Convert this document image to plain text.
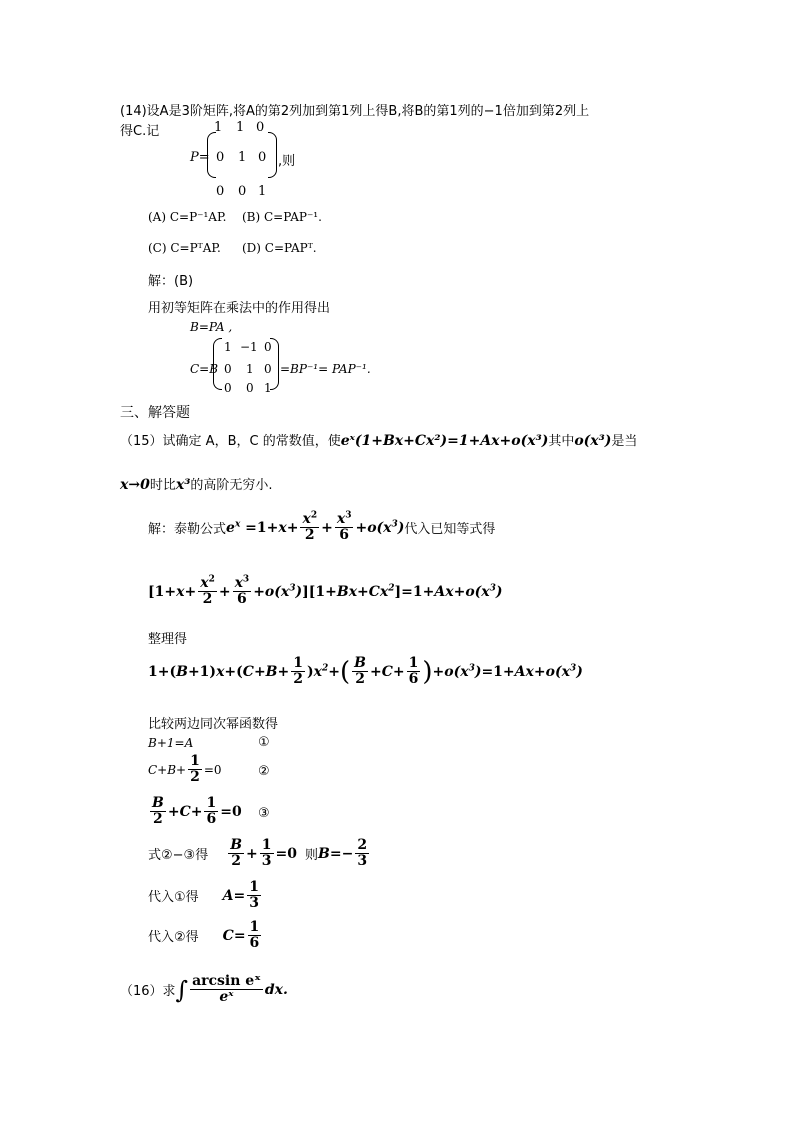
(14)设A是3阶矩阵,将A的第2列加到第1列上得B,将B的第1列的−1倍加到第2列上
得C.记
P=
1 1 0
0 1 0
0 0 1
,则
(A) C=P⁻¹AP. (B) C=PAP⁻¹.
(C) C=PᵀAP. (D) C=PAPᵀ.
解：(B)
用初等矩阵在乘法中的作用得出
B=PA ,
C=B
1 −1 0
0 1 0
0 0 1
=BP⁻¹= PAP⁻¹.
三、解答题
（15）试确定 A，B，C 的常数值，使eˣ(1+Bx+Cx²)=1+Ax+o(x³)其中o(x³)是当
x→0时比x³的高阶无穷小.
解：泰勒公式 $e^x =1+ x + \frac{x^2}{2} + \frac{x^3}{6} + o(x^3)$ 代入已知等式得
[$1+ x + \frac{x^2}{2} + \frac{x^3}{6} + o(x^3)$ ][$1+ Bx + Cx^2$ ]$=1+ Ax + o(x^3)$
整理得
1+( B +1) x +( $C + B + \frac{1}{2}$ ) $x^2$ + ( $\frac{B}{2} + C + \frac{1}{6}$ ) + $o(x^3) =1+ Ax + o(x^3)$
比较两边同次幂函数得
B+1=A	①
$C+B+ \frac{1}{2} =0$	②
$\frac{B}{2} + C + \frac{1}{6} =0$ ③
式②−③得 $\frac{B}{2} + \frac{1}{3} =0$ 则 $B =- \frac{2}{3}$
代入①得 $A = \frac{1}{3}$
代入②得 $C = \frac{1}{6}$
（16）求 ∫ $\frac{\text{arcsin eˣ}}{\text{eˣ}}$ dx.
